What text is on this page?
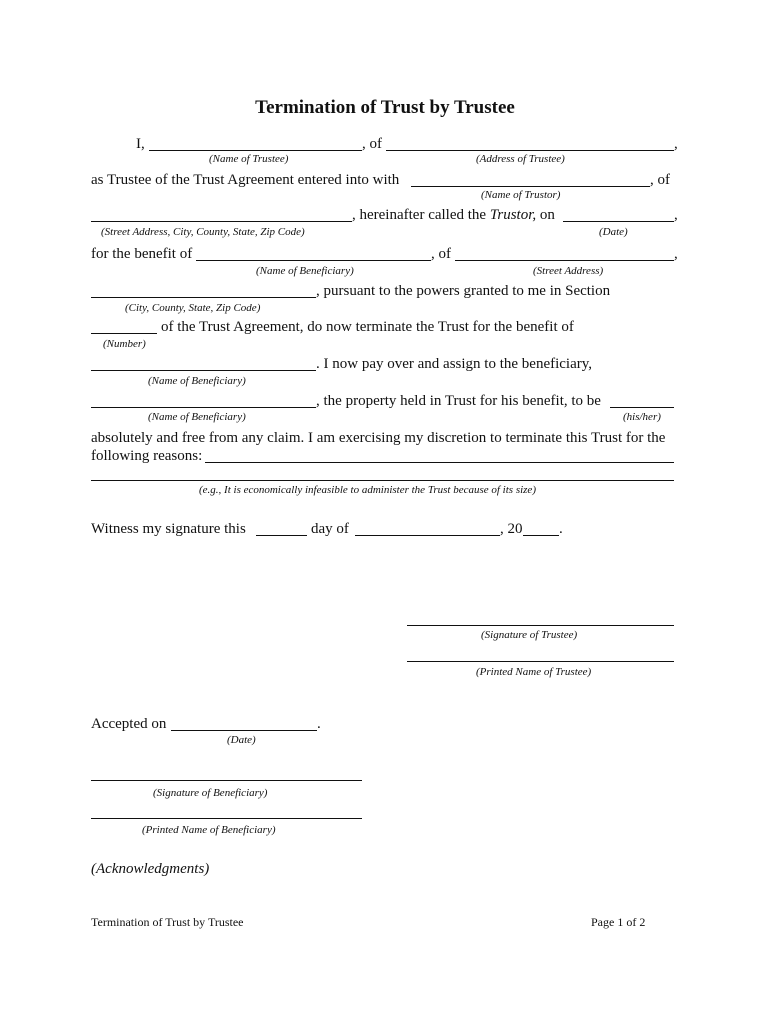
Termination of Trust by Trustee
I,	, of	,
(Name of Trustee)	(Address of Trustee)
as Trustee of the Trust Agreement entered into with	, of
(Name of Trustor)
, hereinafter called the Trustor, on	,
(Street Address, City, County, State, Zip Code)	(Date)
for the benefit of	, of	,
(Name of Beneficiary)	(Street Address)
, pursuant to the powers granted to me in Section
(City, County, State, Zip Code)
of the Trust Agreement, do now terminate the Trust for the benefit of
(Number)
. I now pay over and assign to the beneficiary,
(Name of Beneficiary)
, the property held in Trust for his benefit, to be
(Name of Beneficiary)	(his/her)
absolutely and free from any claim. I am exercising my discretion to terminate this Trust for the
following reasons:
(e.g., It is economically infeasible to administer the Trust because of its size)
Witness my signature this	day of	, 20 .
(Signature of Trustee)
(Printed Name of Trustee)
Accepted on	.
(Date)
(Signature of Beneficiary)
(Printed Name of Beneficiary)
(Acknowledgments)
Termination of Trust by Trustee	Page 1 of 2
